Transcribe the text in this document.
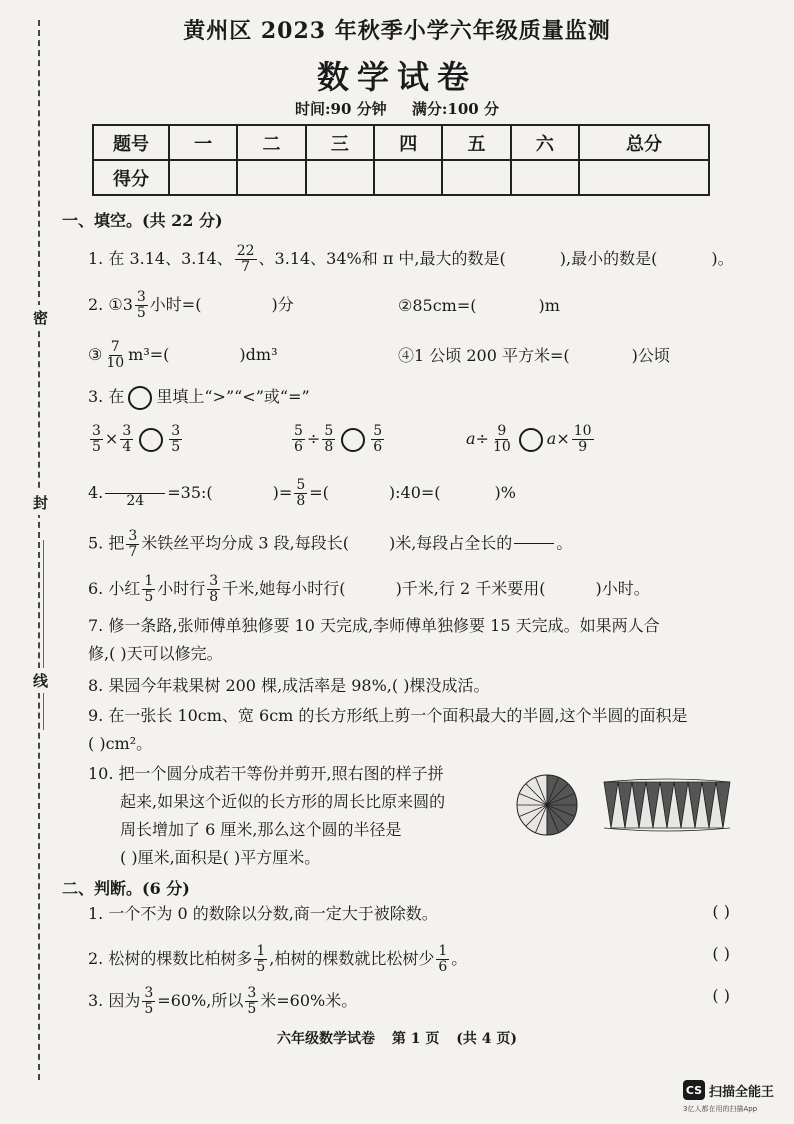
密
封
线
黄州区 2023 年秋季小学六年级质量监测
数学试卷
时间:90 分钟 满分:100 分
题号	一	二	三	四	五	六	总分
得分							
一、填空。(共 22 分)
1. 在 3.14、3.1̇4̇、 $\frac{22}{7}$ 、3.14、34%和 π 中,最大的数是(	),最小的数是(	)。
2. ①3 $\frac{3}{5}$ 小时=(	)分	②85cm=(	)m
③ $\frac{7}{10} m^3=$(	)dm³	④1 公顷 200 平方米=(	)公顷
3. 在 里填上“>”“<”或“=”
$\frac{3}{5} \times \frac{3}{4}$	$\frac{3}{5}$	$\frac{5}{6} \div \frac{5}{8}$	$\frac{5}{6}$	$a\div \frac{9}{10} a\times \frac{10}{9}$
4. 24 =35:(	)= $\frac{5}{8}$ =(	):40=(	)%
5. 把 $\frac{3}{7}$ 米铁丝平均分成 3 段,每段长(	)米,每段占全长的	。
6. 小红 $\frac{1}{5}$ 小时行 $\frac{3}{8}$ 千米,她每小时行(	)千米,行 2 千米要用(	)小时。
7. 修一条路,张师傅单独修要 10 天完成,李师傅单独修要 15 天完成。如果两人合
修,( )天可以修完。
8. 果园今年栽果树 200 棵,成活率是 98%,( )棵没成活。
9. 在一张长 10cm、宽 6cm 的长方形纸上剪一个面积最大的半圆,这个半圆的面积是
( )cm²。
10. 把一个圆分成若干等份并剪开,照右图的样子拼
起来,如果这个近似的长方形的周长比原来圆的
周长增加了 6 厘米,那么这个圆的半径是
( )厘米,面积是( )平方厘米。
二、判断。(6 分)
1. 一个不为 0 的数除以分数,商一定大于被除数。	( )
2. 松树的棵数比柏树多 $\frac{1}{5}$ ,柏树的棵数就比松树少 $\frac{1}{6}$ 。	( )
3. 因为 $\frac{3}{5} =60\%$,所以 $\frac{3}{5}$ 米=60%米。	( )
六年级数学试卷 第 1 页 (共 4 页)
CS 扫描全能王
3亿人都在用的扫描App
